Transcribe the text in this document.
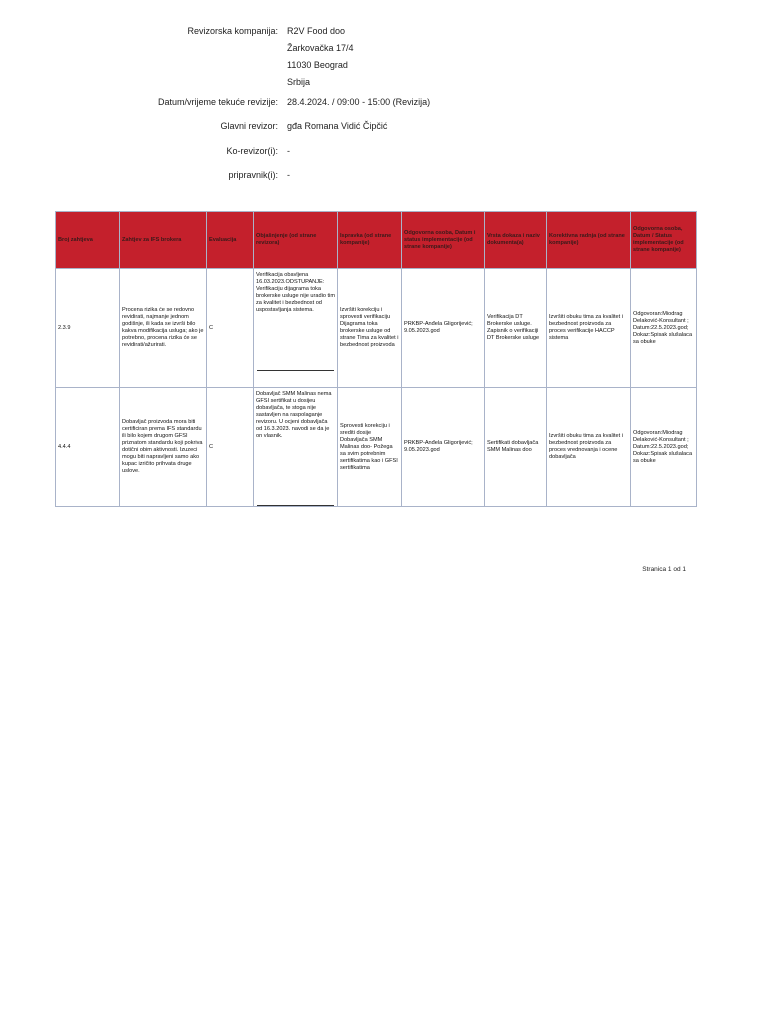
Revizorska kompanija: R2V Food doo
Žarkovačka 17/4
11030 Beograd
Srbija
Datum/vrijeme tekuće revizije: 28.4.2024. / 09:00 - 15:00 (Revizija)
Glavni revizor: gđa Romana Vidić Čipčić
Ko-revizor(i): -
pripravnik(i): -
Broj zahtjeva	Zahtjev za IFS brokera	Evaluacija	Objašnjenje (od strane revizora)	Ispravka (od strane kompanije)	Odgovorna osoba, Datum i status implementacije (od strane kompanije)	Vrsta dokaza i naziv dokumenta(a)	Korektivna radnja (od strane kompanije)	Odgovorna osoba, Datum / Status implementacije (od strane kompanije)
2.3.9	Procena rizika će se redovno revidirati, najmanje jednom godišnje, ili kada se izvrši bilo kakva modifikacija usluga; ako je potrebno, procena rizika će se revidirati/ažurirati.	C	Verifikacija obavljena 16.03.2023.ODSTUPANJE: Verifikaciju dijagrama toka brokerske usluge nije uradio tim za kvalitet i bezbednost od uspostavljanja sistema.	Izvršiti korekciju i sprovesti verifikaciju Dijagrama toka brokerske usluge od strane Tima za kvalitet i bezbednost proizvoda	PRKBP-Anđela Gligorijević; 9.05.2023.god	Verifikacija DT Brokerske usluge. Zapisnik o verifikaciji DT Brokerske usluge	Izvršiti obuku tima za kvalitet i bezbednost proizvoda za proces verifikacije HACCP sistema	Odgovoran:Miodrag Delaković-Konsultant ; Datum:22.5.2023.god; Dokaz:Spisak slušalaca sa obuke
4.4.4	Dobavljač proizvoda mora biti certificiran prema IFS standardu ili bilo kojem drugom GFSI priznatom standardu koji pokriva dotični obim aktivnosti. Izuzeci mogu biti napravljeni samo ako kupac izričito prihvata druge uslove.	C	Dobavljač SMM Malinas nema GFSI sertifikat u dosijeu dobavljača, te stoga nije sastavljen na raspolaganje revizoru. U ocjeni dobavljača od 16.3.2023. navodi se da je on vlasnik.	Sprovesti korekciju i srediti dosije Dobavljača SMM Malinas doo- Požega sa svim potrebnim sertifikatima kao i GFSI sertifikatima	PRKBP-Anđela Gligorijević; 9.05.2023.god	Sertifikati dobavljača SMM Malinas doo	Izvršiti obuku tima za kvalitet i bezbednost proizvoda za proces vrednovanja i ocene dobavljača	Odgovoran:Miodrag Delaković-Konsultant ; Datum:22.5.2023.god; Dokaz:Spisak slušalaca sa obuke
Stranica 1 od 1
